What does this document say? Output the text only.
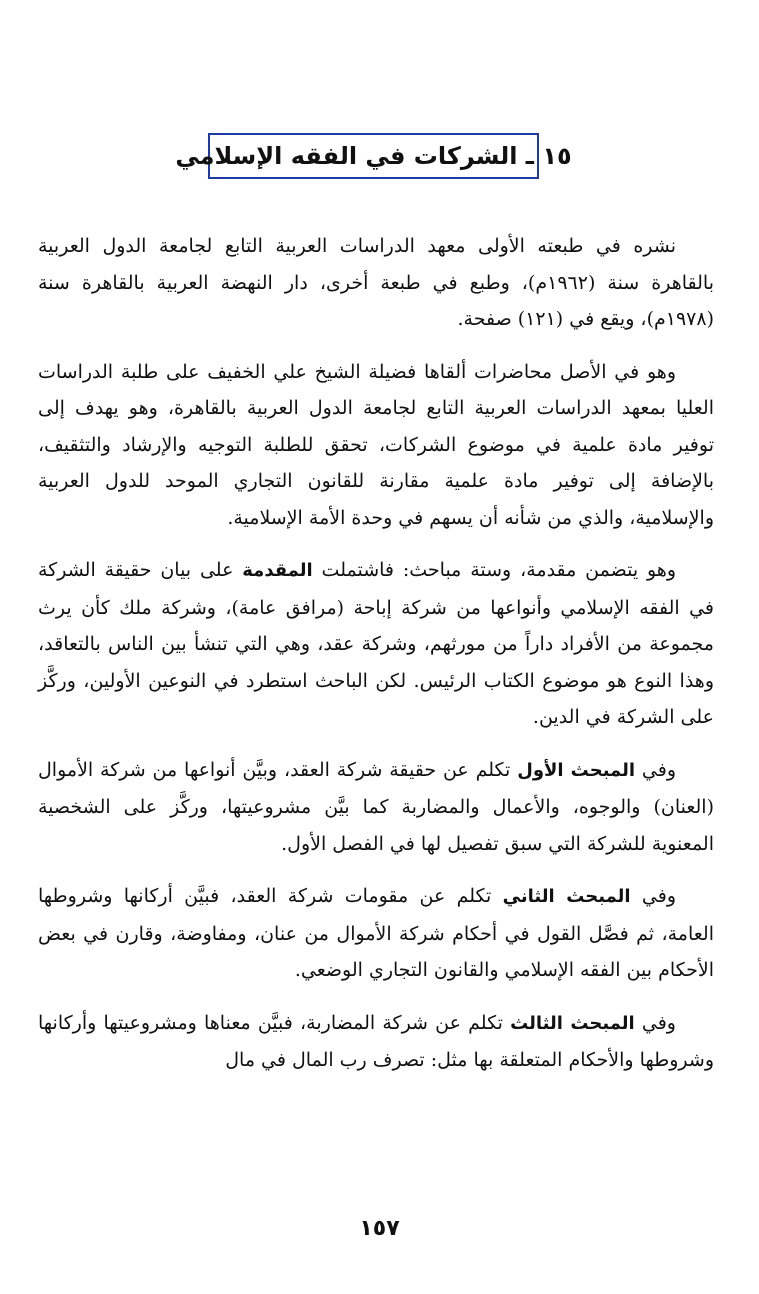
١٥ ـ الشركات في الفقه الإسلامي

نشره في طبعته الأولى معهد الدراسات العربية التابع لجامعة الدول العربية بالقاهرة سنة (١٩٦٢م)، وطبع في طبعة أخرى، دار النهضة العربية بالقاهرة سنة (١٩٧٨م)، ويقع في (١٢١) صفحة.

وهو في الأصل محاضرات ألقاها فضيلة الشيخ علي الخفيف على طلبة الدراسات العليا بمعهد الدراسات العربية التابع لجامعة الدول العربية بالقاهرة، وهو يهدف إلى توفير مادة علمية في موضوع الشركات، تحقق للطلبة التوجيه والإرشاد والتثقيف، بالإضافة إلى توفير مادة علمية مقارنة للقانون التجاري الموحد للدول العربية والإسلامية، والذي من شأنه أن يسهم في وحدة الأمة الإسلامية.

وهو يتضمن مقدمة، وستة مباحث: فاشتملت المقدمة على بيان حقيقة الشركة في الفقه الإسلامي وأنواعها من شركة إباحة (مرافق عامة)، وشركة ملك كأن يرث مجموعة من الأفراد داراً من مورثهم، وشركة عقد، وهي التي تنشأ بين الناس بالتعاقد، وهذا النوع هو موضوع الكتاب الرئيس. لكن الباحث استطرد في النوعين الأولين، وركَّز على الشركة في الدين.

وفي المبحث الأول تكلم عن حقيقة شركة العقد، وبيَّن أنواعها من شركة الأموال (العنان) والوجوه، والأعمال والمضاربة كما بيَّن مشروعيتها، وركَّز على الشخصية المعنوية للشركة التي سبق تفصيل لها في الفصل الأول.

وفي المبحث الثاني تكلم عن مقومات شركة العقد، فبيَّن أركانها وشروطها العامة، ثم فصَّل القول في أحكام شركة الأموال من عنان، ومفاوضة، وقارن في بعض الأحكام بين الفقه الإسلامي والقانون التجاري الوضعي.

وفي المبحث الثالث تكلم عن شركة المضاربة، فبيَّن معناها ومشروعيتها وأركانها وشروطها والأحكام المتعلقة بها مثل: تصرف رب المال في مال

١٥٧
